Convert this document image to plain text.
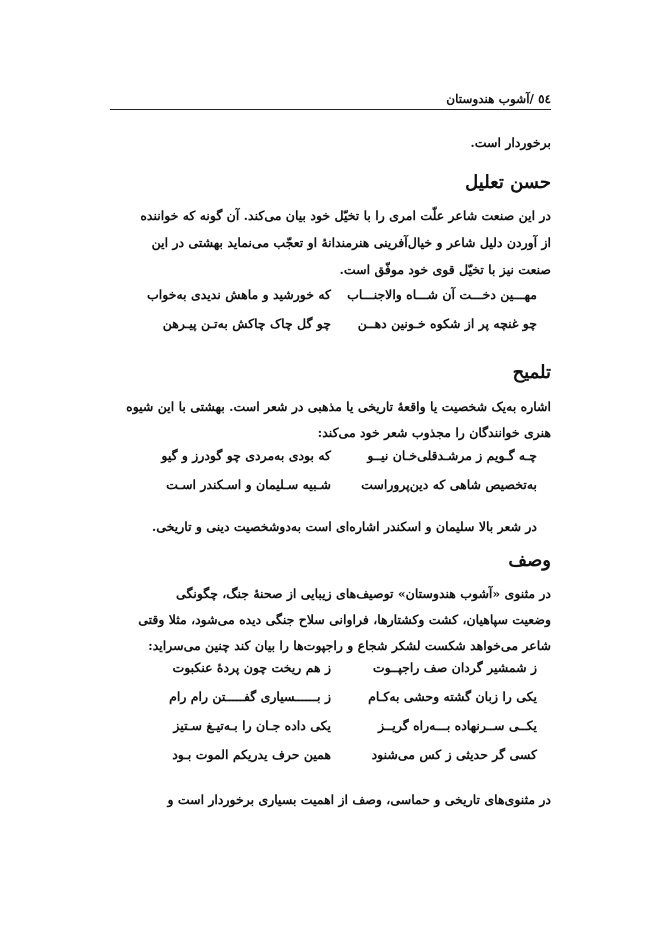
٥٤ /آشوب هندوستان
برخوردار است.
حسن تعلیل
در این صنعت شاعر علّت امری را با تخیّل خود بیان می‌کند. آن گونه که خواننده
از آوردن دلیل شاعر و خیال‌آفرینی هنرمندانهٔ او تعجّب می‌نماید بهشتی در این
صنعت نیز با تخیّل قوی خود موفّق است.
مهـــین دخـــت آن شـــاه والاجنـــاب
که خورشید و ماهش ندیدی به‌خواب
چو غنچه پر از شکوه خـونین دهــن
چو گل چاک چاکش به‌تـن پیـرهن
تلمیح
اشاره به‌یک شخصیت یا واقعهٔ تاریخی یا مذهبی در شعر است. بهشتی با این شیوه
هنری خوانندگان را مجذوب شعر خود می‌کند:
چـه گـویم ز مرشـدقلی‌خـان نیــو
که بودی به‌مردی چو گودرز و گیو
به‌تخصیص شاهی که دین‌پروراست
شـبیه سـلیمان و اسـکندر اسـت
در شعر بالا سلیمان و اسکندر اشاره‌ای است به‌دوشخصیت دینی و تاریخی.
وصف
در مثنوی «آشوب هندوستان» توصیف‌های زیبایی از صحنهٔ جنگ، چگونگی
وضعیت سپاهیان، کشت وکشتارها، فراوانی سلاح جنگی دیده می‌شود، مثلا وقتی
شاعر می‌خواهد شکست لشکر شجاع و راجپوت‌ها را بیان کند چنین می‌سراید:
ز شمشیر گردان صف راجپــوت
ز هم ریخت چون پردهٔ عنکبوت
یکی را زبان گشته وحشی به‌کـام
ز بــــــسیاری گفـــــتن رام رام
یکــی ســرنهاده بـــه‌راه گریــز
یکی داده جـان را بـه‌تیـغ سـتیز
کسی گر حدیثی ز کس می‌شنود
همین حرف یدریکم الموت بـود
در مثنوی‌های تاریخی و حماسی، وصف از اهمیت بسیاری برخوردار است و
